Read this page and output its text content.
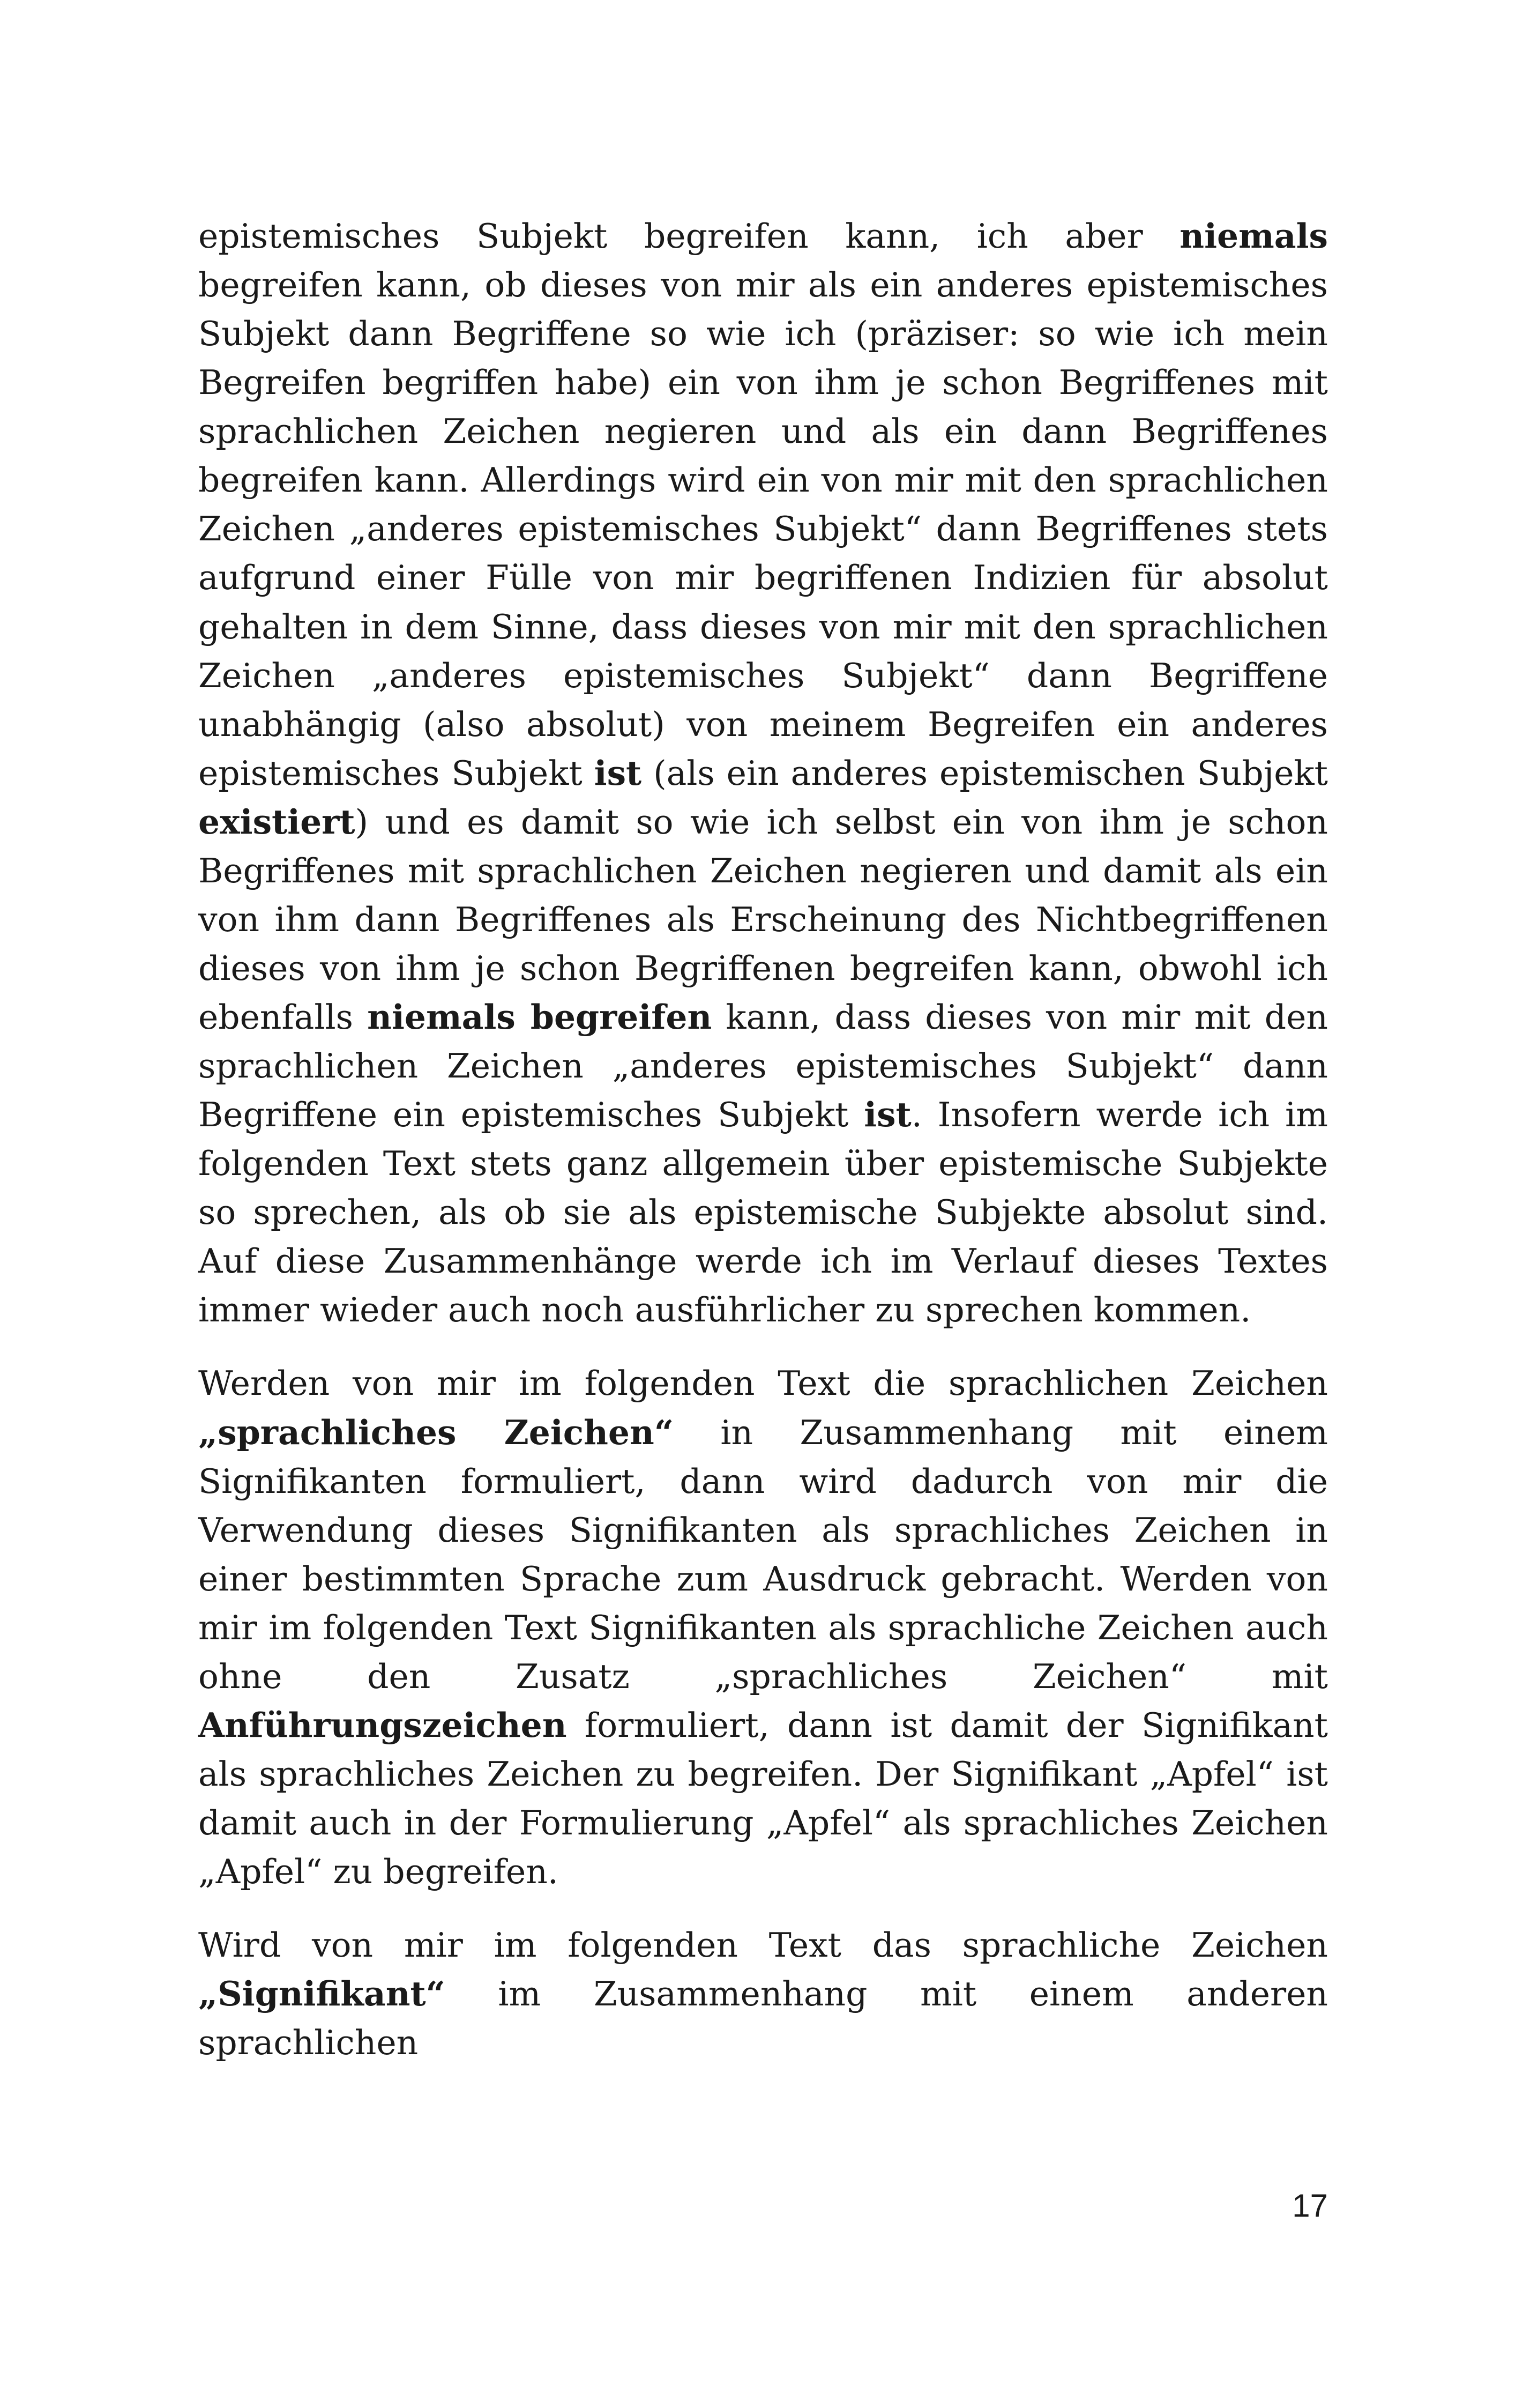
epistemisches Subjekt begreifen kann, ich aber niemals begreifen kann, ob dieses von mir als ein anderes epistemisches Subjekt dann Begriffene so wie ich (präziser: so wie ich mein Begreifen begriffen habe) ein von ihm je schon Begriffenes mit sprachlichen Zeichen negieren und als ein dann Begriffenes begreifen kann. Allerdings wird ein von mir mit den sprachlichen Zeichen „anderes epistemisches Subjekt“ dann Begriffenes stets aufgrund einer Fülle von mir begriffenen Indizien für absolut gehalten in dem Sinne, dass dieses von mir mit den sprachlichen Zeichen „anderes epistemisches Subjekt“ dann Begriffene unabhängig (also absolut) von meinem Begreifen ein anderes epistemisches Subjekt ist (als ein anderes epistemischen Subjekt existiert) und es damit so wie ich selbst ein von ihm je schon Begriffenes mit sprachlichen Zeichen negieren und damit als ein von ihm dann Begriffenes als Erscheinung des Nichtbegriffenen dieses von ihm je schon Begriffenen begreifen kann, obwohl ich ebenfalls niemals begreifen kann, dass dieses von mir mit den sprachlichen Zeichen „anderes epistemisches Subjekt“ dann Begriffene ein epistemisches Subjekt ist. Insofern werde ich im folgenden Text stets ganz allgemein über epistemische Subjekte so sprechen, als ob sie als epistemische Subjekte absolut sind. Auf diese Zusammenhänge werde ich im Verlauf dieses Textes immer wieder auch noch ausführlicher zu sprechen kommen.

Werden von mir im folgenden Text die sprachlichen Zeichen „sprachliches Zeichen“ in Zusammenhang mit einem Signifikanten formuliert, dann wird dadurch von mir die Verwendung dieses Signifikanten als sprachliches Zeichen in einer bestimmten Sprache zum Ausdruck gebracht. Werden von mir im folgenden Text Signifikanten als sprachliche Zeichen auch ohne den Zusatz „sprachliches Zeichen“ mit Anführungszeichen formuliert, dann ist damit der Signifikant als sprachliches Zeichen zu begreifen. Der Signifikant „Apfel“ ist damit auch in der Formulierung „Apfel“ als sprachliches Zeichen „Apfel“ zu begreifen.

Wird von mir im folgenden Text das sprachliche Zeichen „Signifikant“ im Zusammenhang mit einem anderen sprachlichen

17
